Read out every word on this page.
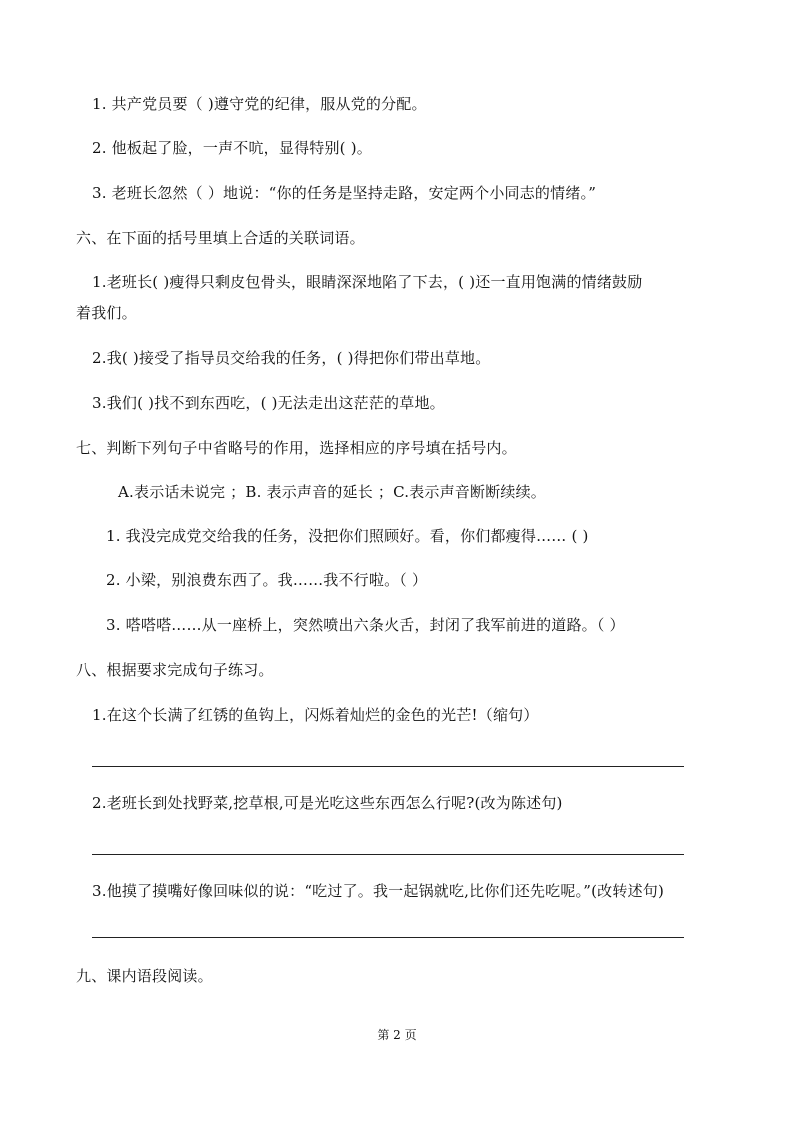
1. 共产党员要（ )遵守党的纪律，服从党的分配。
2. 他板起了脸，一声不吭，显得特别( )。
3. 老班长忽然（ ）地说：“你的任务是坚持走路，安定两个小同志的情绪。”
六、在下面的括号里填上合适的关联词语。
1.老班长( )瘦得只剩皮包骨头，眼睛深深地陷了下去，( )还一直用饱满的情绪鼓励
着我们。
2.我( )接受了指导员交给我的任务，( )得把你们带出草地。
3.我们( )找不到东西吃，( )无法走出这茫茫的草地。
七、判断下列句子中省略号的作用，选择相应的序号填在括号内。
A.表示话未说完 ；B. 表示声音的延长 ；C.表示声音断断续续。
1. 我没完成党交给我的任务，没把你们照顾好。看，你们都瘦得…… ( )
2. 小梁，别浪费东西了。我……我不行啦。（ ）
3. 嗒嗒嗒……从一座桥上，突然喷出六条火舌，封闭了我军前进的道路。（ ）
八、根据要求完成句子练习。
1.在这个长满了红锈的鱼钩上，闪烁着灿烂的金色的光芒!（缩句）
2.老班长到处找野菜,挖草根,可是光吃这些东西怎么行呢?(改为陈述句)
3.他摸了摸嘴好像回味似的说：“吃过了。我一起锅就吃,比你们还先吃呢。”(改转述句)
九、课内语段阅读。
第 2 页
